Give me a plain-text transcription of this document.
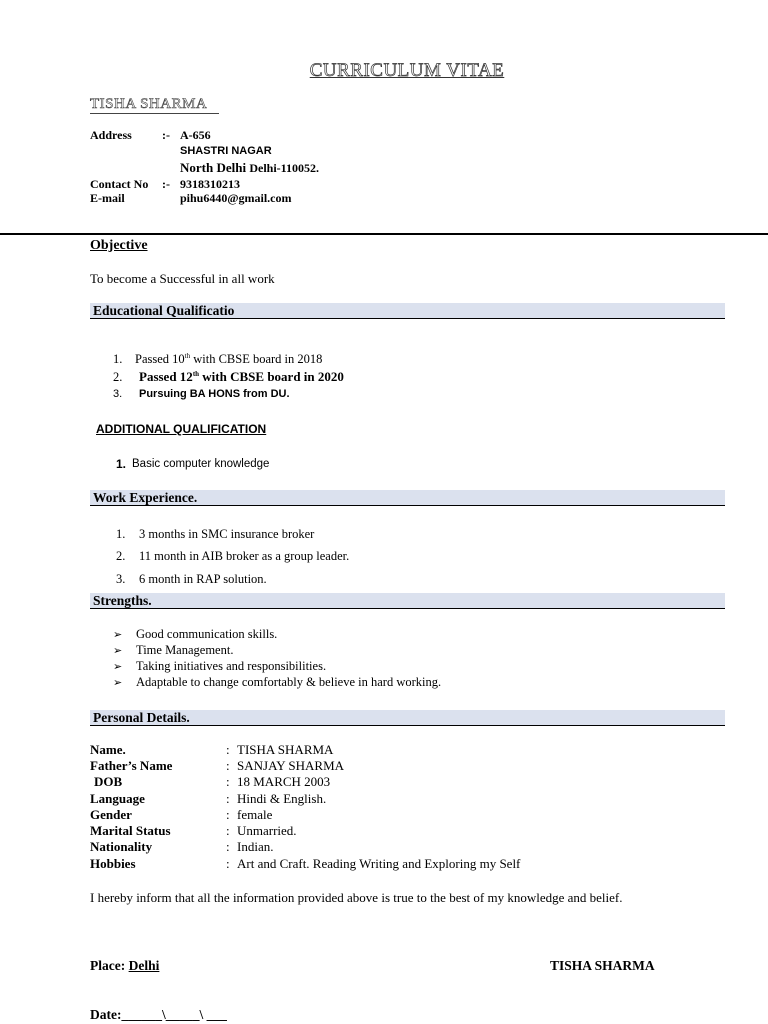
CURRICULUM VITAE
TISHA SHARMA
Address	:- A-656
SHASTRI NAGAR
North Delhi Delhi-110052.
Contact No :- 9318310213
E-mail	pihu6440@gmail.com
Objective
To become a Successful in all work
Educational Qualificatio
1. Passed 10th with CBSE board in 2018
2. Passed 12th with CBSE board in 2020
3. Pursuing BA HONS from DU.
ADDITIONAL QUALIFICATION
1. Basic computer knowledge
Work Experience.
1. 3 months in SMC insurance broker
2. 11 month in AIB broker as a group leader.
3. 6 month in RAP solution.
Strengths.
➢ Good communication skills.
➢ Time Management.
➢ Taking initiatives and responsibilities.
➢ Adaptable to change comfortably & believe in hard working.
Personal Details.
Name.	: TISHA SHARMA
Father’s Name	: SANJAY SHARMA
DOB	: 18 MARCH 2003
Language	: Hindi & English.
Gender	: female
Marital Status	: Unmarried.
Nationality	: Indian.
Hobbies	: Art and Craft. Reading Writing and Exploring my Self
I hereby inform that all the information provided above is true to the best of my knowledge and belief.
Place: Delhi	TISHA SHARMA
Date:______\_____\ ___
